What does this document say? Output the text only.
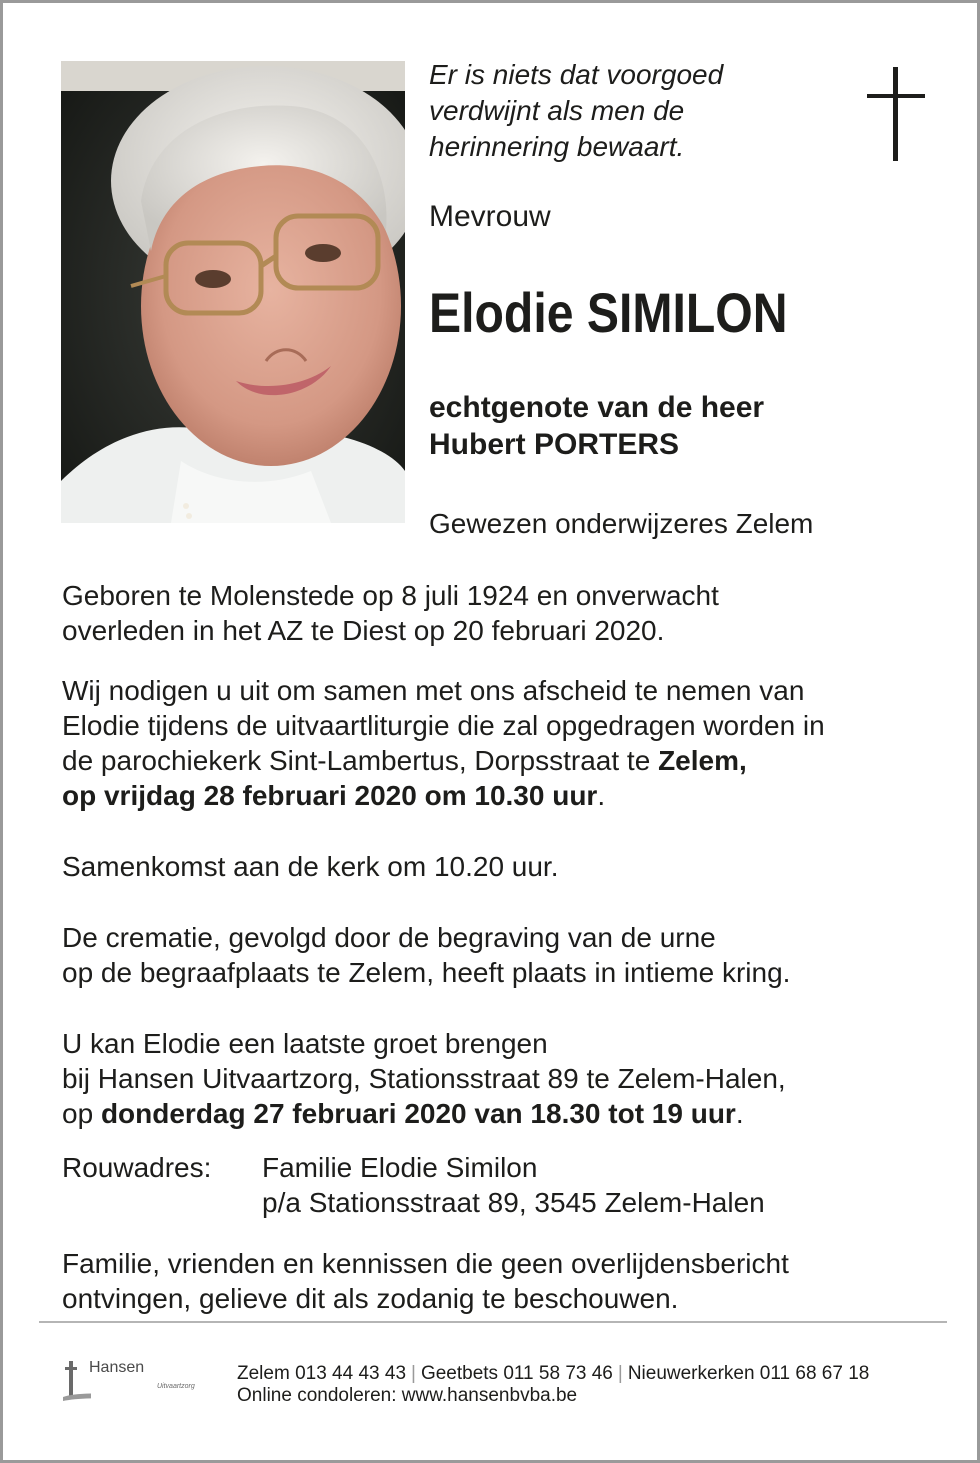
Er is niets dat voorgoed
verdwijnt als men de
herinnering bewaart.

Mevrouw
Elodie SIMILON
echtgenote van de heer
Hubert PORTERS
Gewezen onderwijzeres Zelem

Geboren te Molenstede op 8 juli 1924 en onverwacht
overleden in het AZ te Diest op 20 februari 2020.

Wij nodigen u uit om samen met ons afscheid te nemen van
Elodie tijdens de uitvaartliturgie die zal opgedragen worden in
de parochiekerk Sint-Lambertus, Dorpsstraat te Zelem,
op vrijdag 28 februari 2020 om 10.30 uur.

Samenkomst aan de kerk om 10.20 uur.

De crematie, gevolgd door de begraving van de urne
op de begraafplaats te Zelem, heeft plaats in intieme kring.

U kan Elodie een laatste groet brengen
bij Hansen Uitvaartzorg, Stationsstraat 89 te Zelem-Halen,
op donderdag 27 februari 2020 van 18.30 tot 19 uur.

Rouwadres: Familie Elodie Similon
p/a Stationsstraat 89, 3545 Zelem-Halen

Familie, vrienden en kennissen die geen overlijdensbericht
ontvingen, gelieve dit als zodanig te beschouwen.

Hansen
Uitvaartzorg
Zelem 013 44 43 43 | Geetbets 011 58 73 46 | Nieuwerkerken 011 68 67 18
Online condoleren: www.hansenbvba.be
